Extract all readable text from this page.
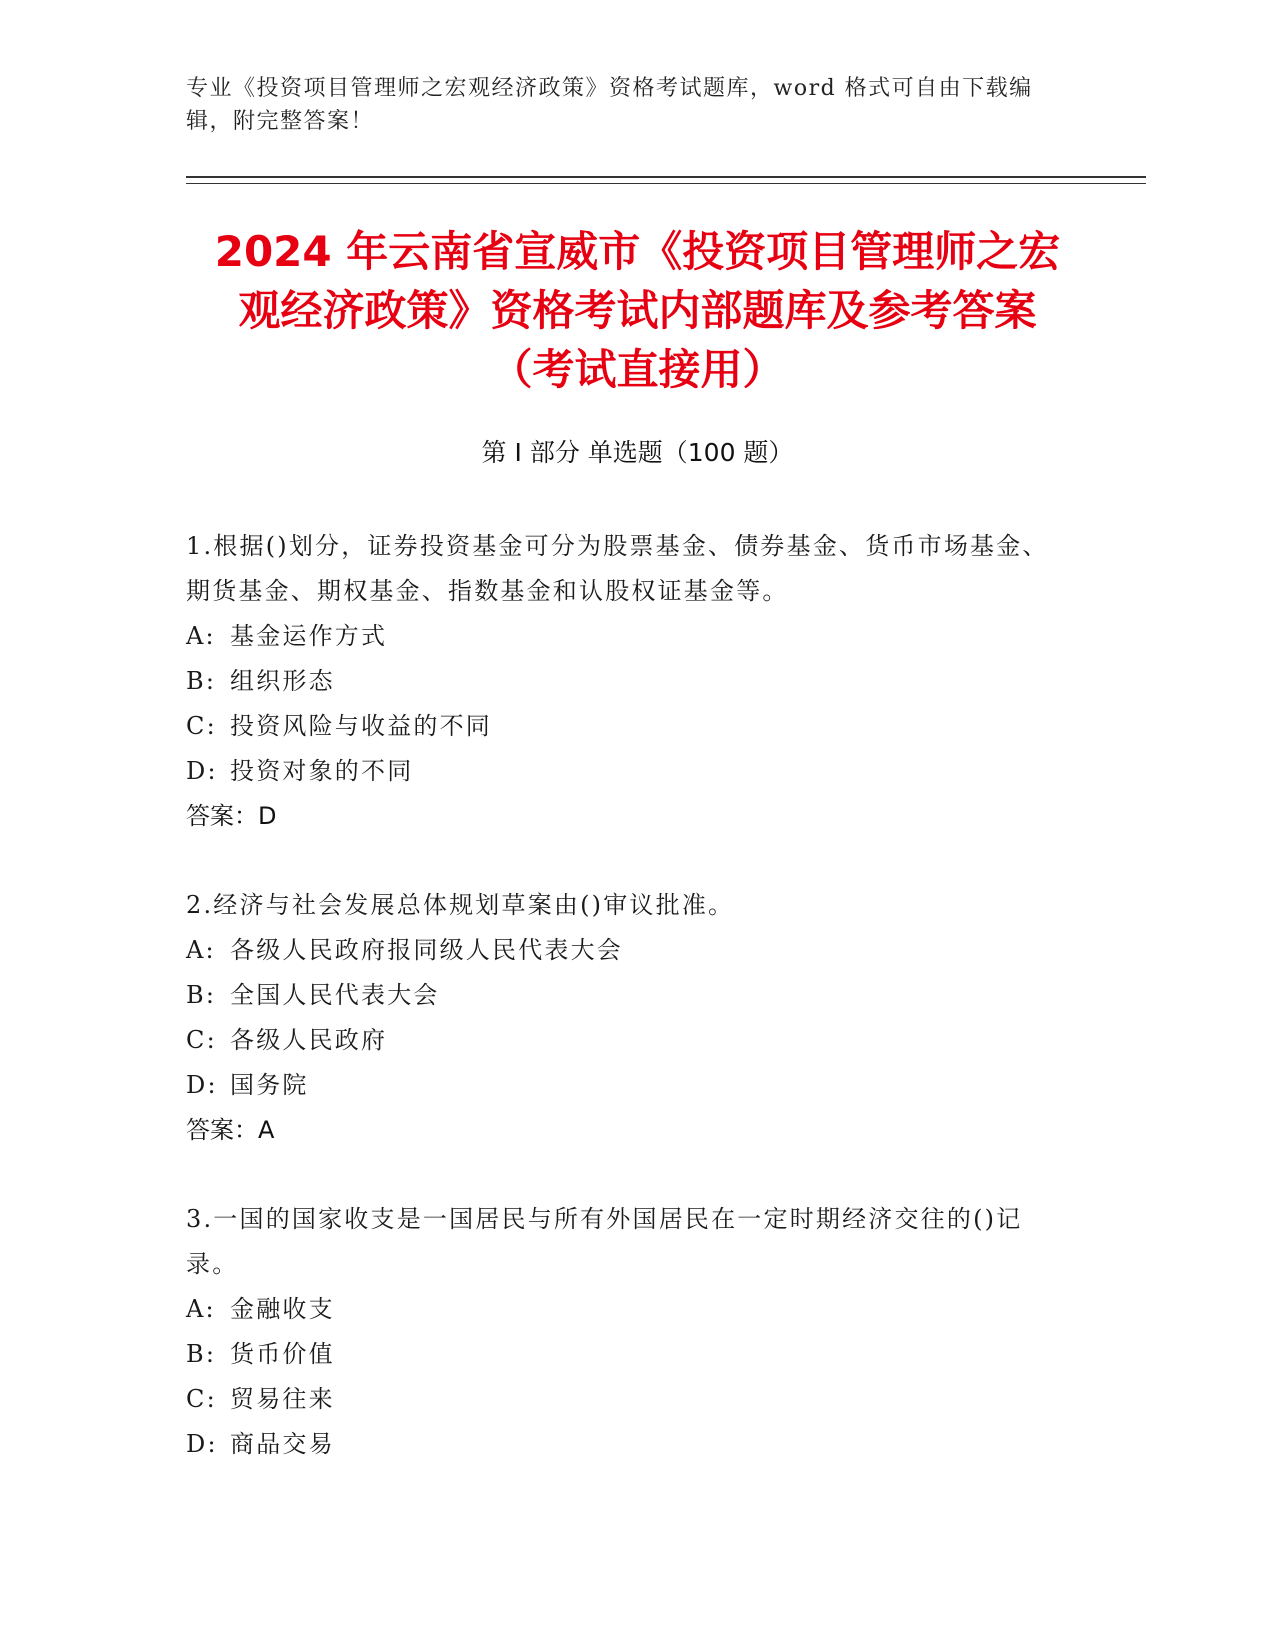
专业《投资项目管理师之宏观经济政策》资格考试题库，word 格式可自由下载编辑，附完整答案！
2024 年云南省宣威市《投资项目管理师之宏
观经济政策》资格考试内部题库及参考答案
（考试直接用）
第 I 部分 单选题（100 题）

1.根据()划分，证券投资基金可分为股票基金、债券基金、货币市场基金、期货基金、期权基金、指数基金和认股权证基金等。

A: 基金运作方式

B: 组织形态

C: 投资风险与收益的不同

D: 投资对象的不同

答案：D

2.经济与社会发展总体规划草案由()审议批准。

A: 各级人民政府报同级人民代表大会

B: 全国人民代表大会

C: 各级人民政府

D: 国务院

答案：A

3.一国的国家收支是一国居民与所有外国居民在一定时期经济交往的()记录。

A: 金融收支

B: 货币价值

C: 贸易往来

D: 商品交易
